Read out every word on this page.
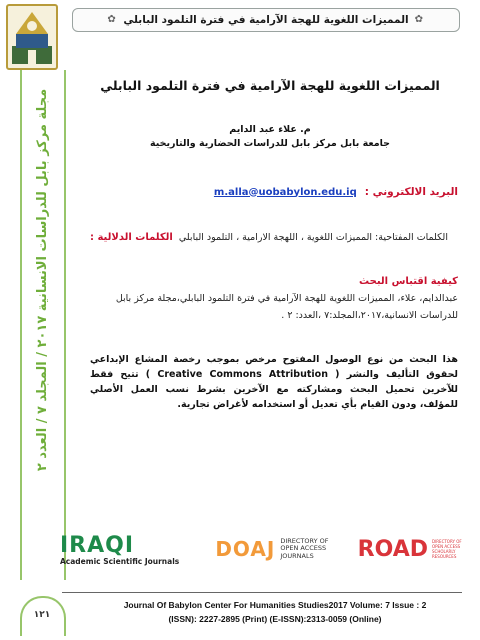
✿ المميزات اللغوية للهجة الآرامية في فترة التلمود البابلي ✿
مجلة مركز بابل للدراسات الانسانية ٢٠١٧ / المجلد ٧ / العدد ٢
المميزات اللغوية للهجة الآرامية في فترة التلمود البابلي
م. علاء عبد الدايم
جامعة بابل مركز بابل للدراسات الحضارية والتاريخية
البريد الالكتروني :
m.alla@uobabylon.edu.iq
الكلمات الدلالية : الكلمات المفتاحية: المميزات اللغوية ، اللهجة الارامية ، التلمود البابلي
كيفية اقتباس البحث
عبدالدايم، علاء، المميزات اللغوية للهجة الآرامية في فترة التلمود البابلي،مجلة مركز بابل للدراسات الانسانية،٢٠١٧،المجلد:٧ ،العدد: ٢ .
هذا البحث من نوع الوصول المفتوح مرخص بموجب رخصة المشاع الإبداعي لحقوق التأليف والنشر ( Creative Commons Attribution ) تتيح فقط للآخرين تحميل البحث ومشاركته مع الآخرين بشرط نسب العمل الأصلي للمؤلف، ودون القيام بأي تعديل أو استخدامه لأغراض تجارية.
IRAQI
Academic Scientific Journals DOAJ DIRECTORY OF OPEN ACCESS JOURNALS	ROAD DIRECTORY OF OPEN ACCESS SCHOLARLY RESOURCES
١٢١
Journal Of Babylon Center For Humanities Studies2017 Volume: 7 Issue : 2
(ISSN): 2227-2895 (Print) (E-ISSN):2313-0059 (Online)
